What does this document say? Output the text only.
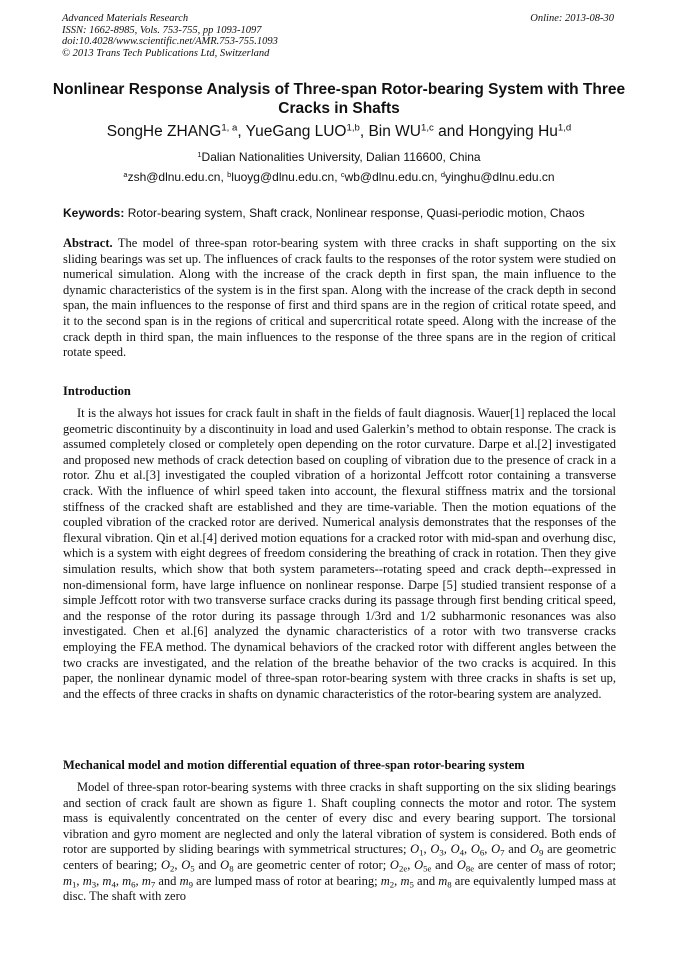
Advanced Materials Research
ISSN: 1662-8985, Vols. 753-755, pp 1093-1097
doi:10.4028/www.scientific.net/AMR.753-755.1093
© 2013 Trans Tech Publications Ltd, Switzerland
Online: 2013-08-30
Nonlinear Response Analysis of Three-span Rotor-bearing System with Three Cracks in Shafts
SongHe ZHANG$^{1, a}$, YueGang LUO$^{1,b}$, Bin WU$^{1,c}$ and Hongying Hu$^{1,d}$
$^1$Dalian Nationalities University, Dalian 116600, China
$^a$zsh@dlnu.edu.cn, $^b$luoyg@dlnu.edu.cn, $^c$wb@dlnu.edu.cn, $^d$yinghu@dlnu.edu.cn
Keywords: Rotor-bearing system, Shaft crack, Nonlinear response, Quasi-periodic motion, Chaos
Abstract. The model of three-span rotor-bearing system with three cracks in shaft supporting on the six sliding bearings was set up. The influences of crack faults to the responses of the rotor system were studied on numerical simulation. Along with the increase of the crack depth in first span, the main influence to the dynamic characteristics of the system is in the first span. Along with the increase of the crack depth in second span, the main influences to the response of first and third spans are in the region of critical rotate speed, and it to the second span is in the regions of critical and supercritical rotate speed. Along with the increase of the crack depth in third span, the main influences to the response of the three spans are in the region of critical rotate speed.
Introduction
It is the always hot issues for crack fault in shaft in the fields of fault diagnosis. Wauer[1] replaced the local geometric discontinuity by a discontinuity in load and used Galerkin’s method to obtain response. The crack is assumed completely closed or completely open depending on the rotor curvature. Darpe et al.[2] investigated and proposed new methods of crack detection based on coupling of vibration due to the presence of crack in a rotor. Zhu et al.[3] investigated the coupled vibration of a horizontal Jeffcott rotor containing a transverse crack. With the influence of whirl speed taken into account, the flexural stiffness matrix and the torsional stiffness of the cracked shaft are established and they are time-variable. Then the motion equations of the coupled vibration of the cracked rotor are derived. Numerical analysis demonstrates that the responses of the flexural vibration. Qin et al.[4] derived motion equations for a cracked rotor with mid-span and overhung disc, which is a system with eight degrees of freedom considering the breathing of crack in rotation. Then they give simulation results, which show that both system parameters--rotating speed and crack depth--expressed in non-dimensional form, have large influence on nonlinear response. Darpe [5] studied transient response of a simple Jeffcott rotor with two transverse surface cracks during its passage through first bending critical speed, and the response of the rotor during its passage through 1/3rd and 1/2 subharmonic resonances was also investigated. Chen et al.[6] analyzed the dynamic characteristics of a rotor with two transverse cracks employing the FEA method. The dynamical behaviors of the cracked rotor with different angles between the two cracks are investigated, and the relation of the breathe behavior of the two cracks is acquired. In this paper, the nonlinear dynamic model of three-span rotor-bearing system with three cracks in shafts is set up, and the effects of three cracks in shafts on dynamic characteristics of the rotor-bearing system are analyzed.
Mechanical model and motion differential equation of three-span rotor-bearing system
Model of three-span rotor-bearing systems with three cracks in shaft supporting on the six sliding bearings and section of crack fault are shown as figure 1. Shaft coupling connects the motor and rotor. The system mass is equivalently concentrated on the center of every disc and every bearing support. The torsional vibration and gyro moment are neglected and only the lateral vibration of system is considered. Both ends of rotor are supported by sliding bearings with symmetrical structures; $O_1$, $O_3$, $O_4$, $O_6$, $O_7$ and $O_9$ are geometric centers of bearing; $O_2$, $O_5$ and $O_8$ are geometric center of rotor; $O_{2e}$, $O_{5e}$ and $O_{8e}$ are center of mass of rotor; $m_1$, $m_3$, $m_4$, $m_6$, $m_7$ and $m_9$ are lumped mass of rotor at bearing; $m_2$, $m_5$ and $m_8$ are equivalently lumped mass at disc. The shaft with zero
